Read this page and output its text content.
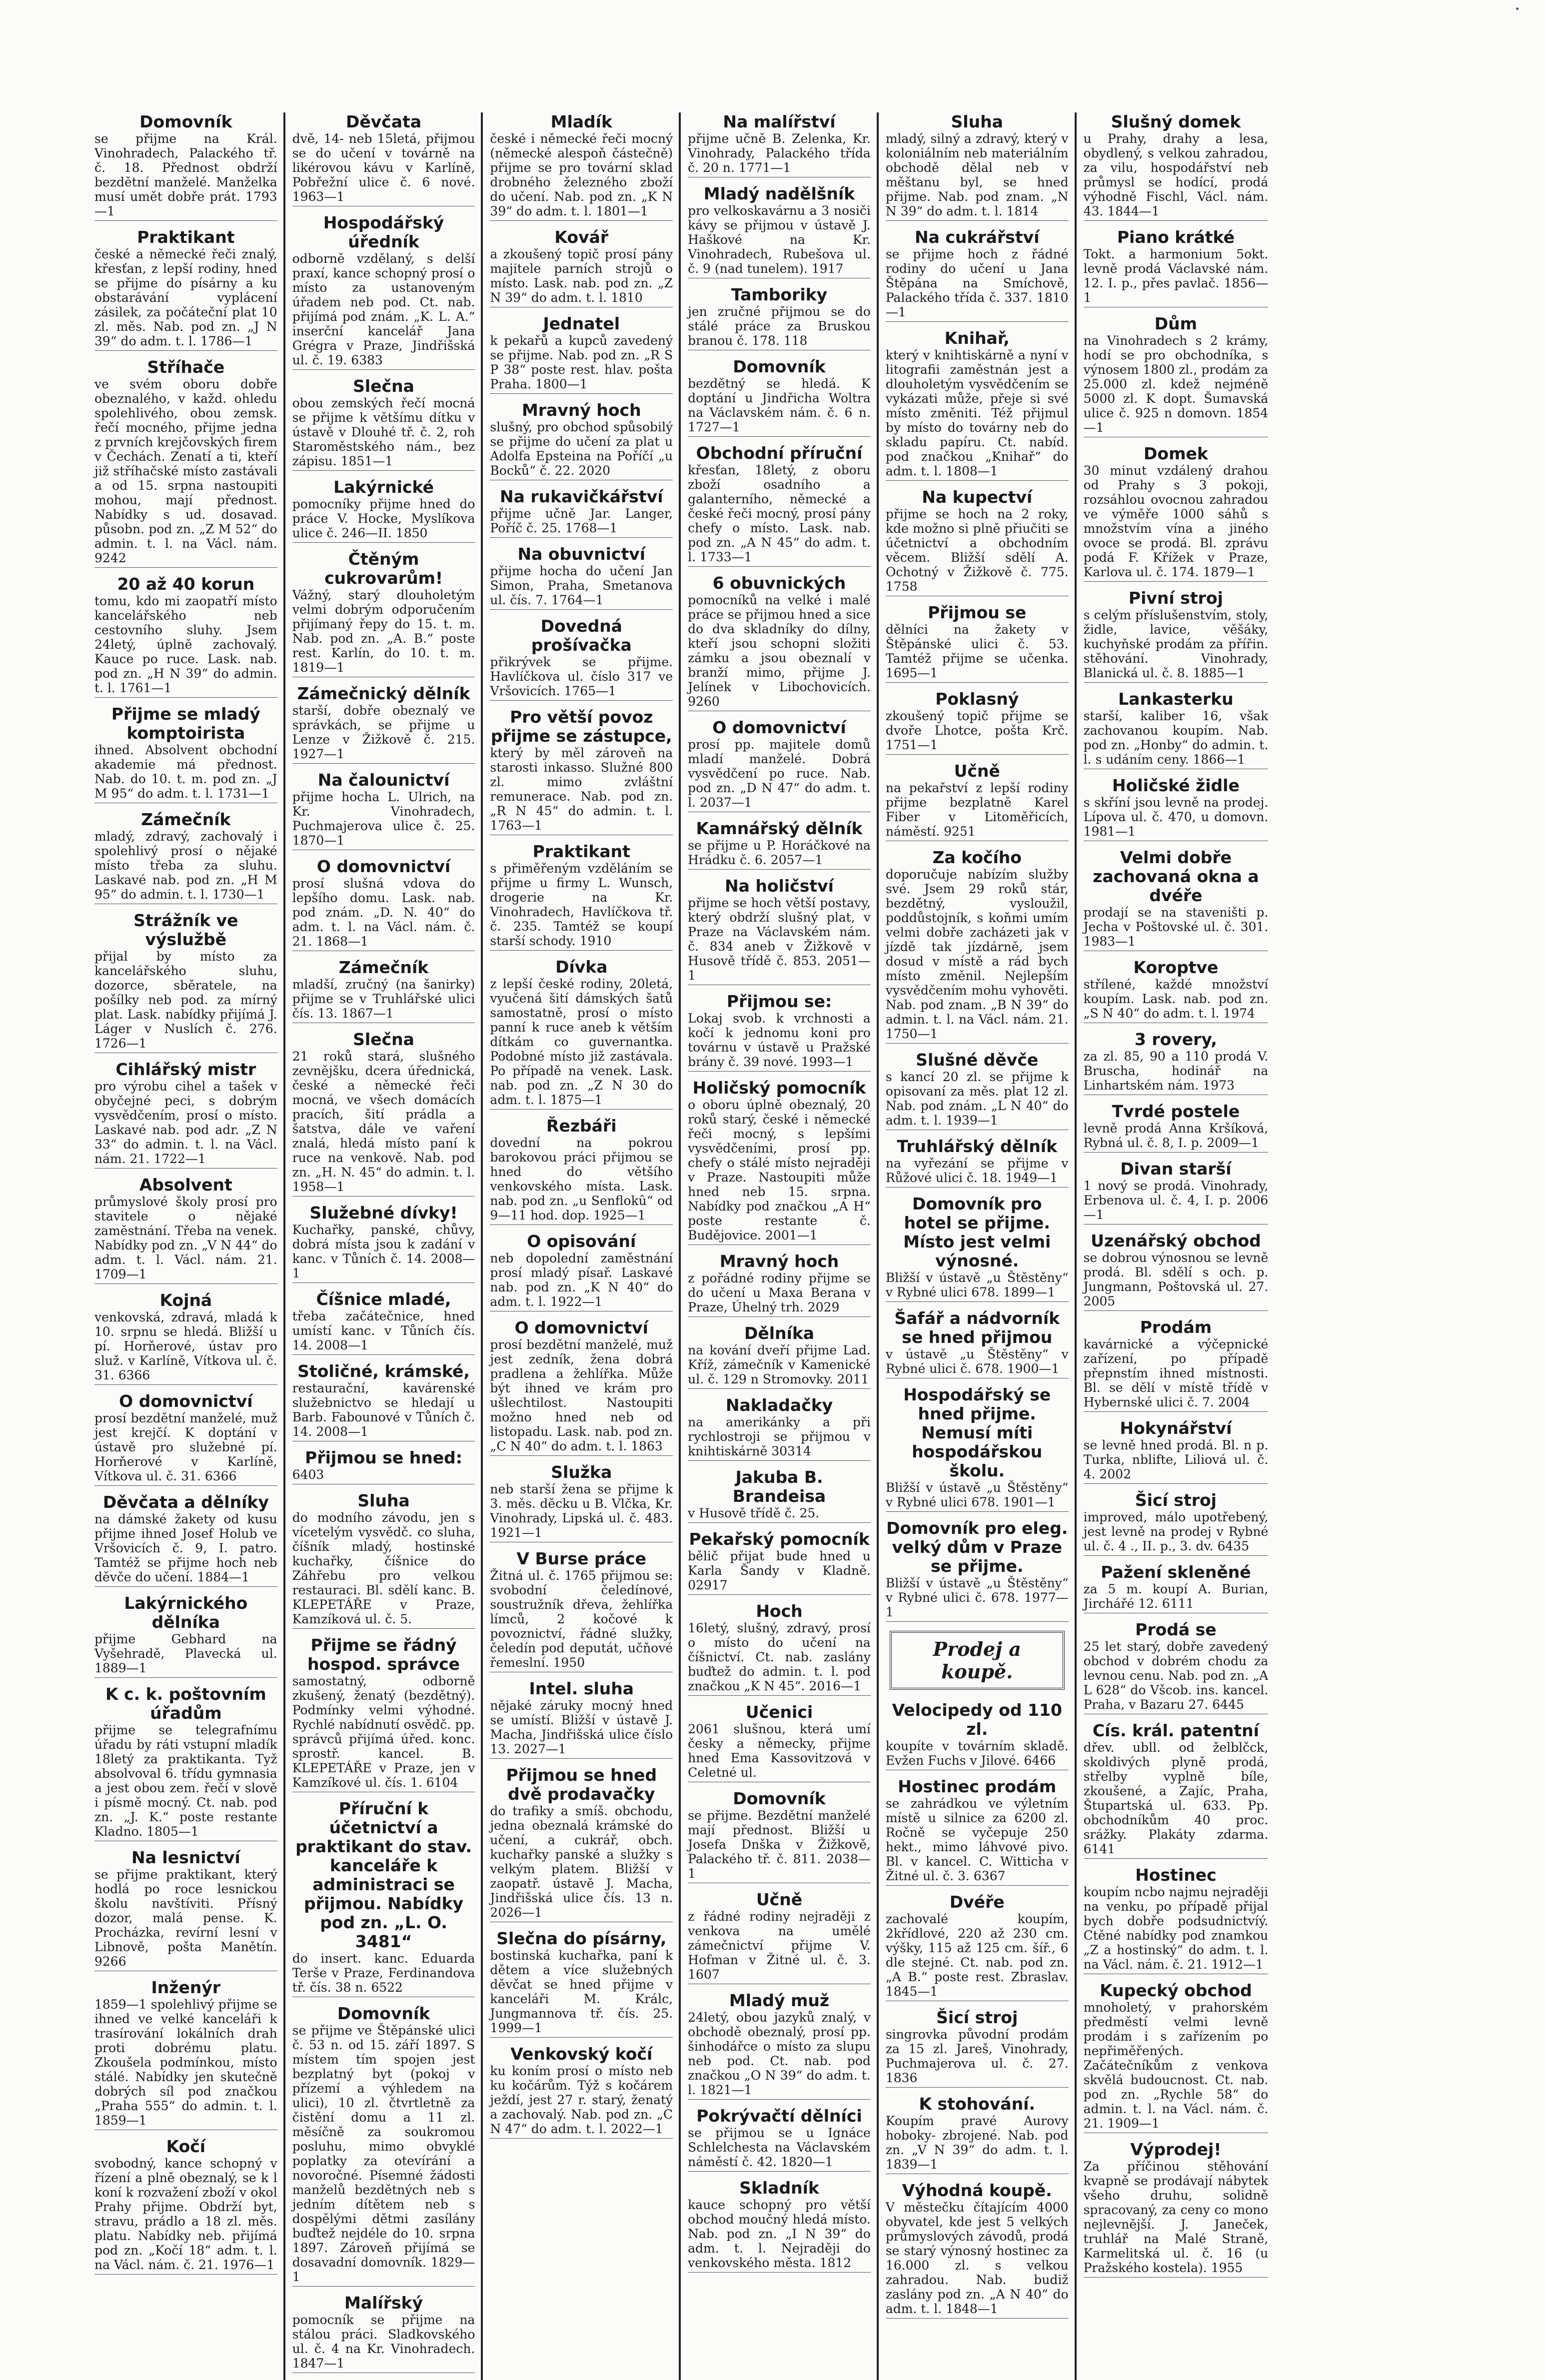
•

Domovník

se přijme na Král. Vinohradech, Palackého tř. č. 18. Přednost obdrží bezdětní manželé. Manželka musí umět dobře prát. 1793—1

Praktikant

české a německé řeči znalý, křesťan, z lepší rodiny, hned se přijme do písárny a ku obstarávání vyplácení zásilek, za počáteční plat 10 zl. měs. Nab. pod zn. „J N 39“ do adm. t. l. 1786—1

Stříhače

ve svém oboru dobře obeznalého, v každ. ohledu spolehlivého, obou zemsk. řečí mocného, přijme jedna z prvních krejčovských firem v Čechách. Zenatí a ti, kteří již stříhačské místo zastávali a od 15. srpna nastoupiti mohou, mají přednost. Nabídky s ud. dosavad. působn. pod zn. „Z M 52“ do admin. t. l. na Václ. nám. 9242

20 až 40 korun

tomu, kdo mi zaopatří místo kancelářského neb cestovního sluhy. Jsem 24letý, úplně zachovalý. Kauce po ruce. Lask. nab. pod zn. „H N 39“ do admin. t. l. 1761—1

Přijme se mladý komptoirista

ihned. Absolvent obchodní akademie má přednost. Nab. do 10. t. m. pod zn. „J M 95“ do adm. t. l. 1731—1

Zámečník

mladý, zdravý, zachovalý i spolehlivý prosí o nějaké místo třeba za sluhu. Laskavé nab. pod zn. „H M 95“ do admin. t. l. 1730—1

Strážník ve výslužbě

přijal by místo za kancelářského sluhu, dozorce, sběratele, na pošílky neb pod. za mírný plat. Lask. nabídky přijímá J. Láger v Nuslích č. 276. 1726—1

Cihlářský mistr

pro výrobu cihel a tašek v obyčejné peci, s dobrým vysvědčením, prosí o místo. Laskavé nab. pod adr. „Z N 33“ do admin. t. l. na Václ. nám. 21. 1722—1

Absolvent

průmyslové školy prosí pro stavitele o nějaké zaměstnání. Třeba na venek. Nabídky pod zn. „V N 44“ do adm. t. l. Václ. nám. 21. 1709—1

Kojná

venkovská, zdravá, mladá k 10. srpnu se hledá. Bližší u pí. Horňerové, ústav pro služ. v Karlíně, Vítkova ul. č. 31. 6366

O domovnictví

prosí bezdětní manželé, muž jest krejčí. K doptání v ústavě pro služebné pí. Horňerové v Karlíně, Vítkova ul. č. 31. 6366

Děvčata a dělníky

na dámské žakety od kusu přijme ihned Josef Holub ve Vršovicích č. 9, I. patro. Tamtéž se přijme hoch neb děvče do učení. 1884—1

Lakýrnického dělníka

přijme Gebhard na Vyšehradě, Plavecká ul. 1889—1

K c. k. poštovním úřadům

přijme se telegrafnímu úřadu by ráti vstupní mladík 18letý za praktikanta. Tyž absolvoval 6. třídu gymnasia a jest obou zem. řečí v slově i písmě mocný. Ct. nab. pod zn. „J. K.“ poste restante Kladno. 1805—1

Na lesnictví

se přijme praktikant, který hodlá po roce lesnickou školu navštíviti. Přísný dozor, malá pense. K. Procházka, revírní lesní v Libnově, pošta Manětín. 9266

Inženýr

1859—1 spolehlivý přijme se ihned ve velké kanceláři k trasírování lokálních drah proti dobrému platu. Zkoušela podmínkou, místo stálé. Nabídky jen skutečně dobrých síl pod značkou „Praha 555“ do admin. t. l. 1859—1

Kočí

svobodný, kance schopný v řízení a plně obeznalý, se k l koní k rozvažení zboží v okol Prahy přijme. Obdrží byt, stravu, prádlo a 18 zl. měs. platu. Nabídky neb. přijímá pod zn. „Kočí 18“ adm. t. l. na Václ. nám. č. 21. 1976—1

Děvčata

dvě, 14- neb 15letá, přijmou se do učení v továrně na likérovou kávu v Karlíně, Pobřežní ulice č. 6 nové. 1963—1

Hospodářský úředník

odborně vzdělaný, s delší praxí, kance schopný prosí o místo za ustanoveným úřadem neb pod. Ct. nab. přijímá pod znám. „K. L. A.“ inserční kancelář Jana Grégra v Praze, Jindřišská ul. č. 19. 6383

Slečna

obou zemských řečí mocná se přijme k většímu dítku v ústavě v Dlouhé tř. č. 2, roh Staroměstského nám., bez zápisu. 1851—1

Lakýrnické

pomocníky přijme hned do práce V. Hocke, Myslíkova ulice č. 246—II. 1850

Čtěným cukrovarům!

Vážný, starý dlouholetým velmi dobrým odporučením přijímaný řepy do 15. t. m. Nab. pod zn. „A. B.“ poste rest. Karlín, do 10. t. m. 1819—1

Zámečnický dělník

starší, dobře obeznalý ve správkách, se přijme u Lenze v Žižkově č. 215. 1927—1

Na čalounictví

přijme hocha L. Ulrich, na Kr. Vinohradech, Puchmajerova ulice č. 25. 1870—1

O domovnictví

prosí slušná vdova do lepšího domu. Lask. nab. pod znám. „D. N. 40“ do adm. t. l. na Václ. nám. č. 21. 1868—1

Zámečník

mladší, zručný (na šanirky) přijme se v Truhlářské ulici čís. 13. 1867—1

Slečna

21 roků stará, slušného zevnějšku, dcera úřednická, české a německé řeči mocná, ve všech domácích pracích, šití prádla a šatstva, dále ve vaření znalá, hledá místo paní k ruce na venkově. Nab. pod zn. „H. N. 45“ do admin. t. l. 1958—1

Služebné dívky!

Kuchařky, panské, chůvy, dobrá místa jsou k zadání v kanc. v Tůních č. 14. 2008—1

Číšnice mladé,

třeba začátečnice, hned umístí kanc. v Tůních čís. 14. 2008—1

Stoličné, krámské,

restaurační, kavárenské služebnictvo se hledají u Barb. Fabounové v Tůních č. 14. 2008—1

Přijmou se hned:

6403

Sluha

do modního závodu, jen s vícetelým vysvědč. co sluha, číšník mladý, hostinské kuchařky, číšnice do Záhřebu pro velkou restauraci. Bl. sdělí kanc. B. KLEPETÁŘE v Praze, Kamzíková ul. č. 5.

Přijme se řádný hospod. správce

samostatný, odborně zkušený, ženatý (bezdětný). Podmínky velmi výhodné. Rychlé nabídnutí osvědč. pp. správců přijímá úřed. konc. sprostř. kancel. B. KLEPETÁŘE v Praze, jen v Kamzíkové ul. čís. 1. 6104

Příruční k účetnictví a praktikant do stav. kanceláře k administraci se přijmou. Nabídky pod zn. „L. O. 3481“

do insert. kanc. Eduarda Terše v Praze, Ferdinandova tř. čís. 38 n. 6522

Domovník

se přijme ve Štěpánské ulici č. 53 n. od 15. září 1897. S místem tím spojen jest bezplatný byt (pokoj v přízemí a výhledem na ulici), 10 zl. čtvrtletně za čistění domu a 11 zl. měsíčně za soukromou posluhu, mimo obvyklé poplatky za otevírání a novoročné. Písemné žádosti manželů bezdětných neb s jedním dítětem neb s dospělými dětmi zasílány buďtež nejdéle do 10. srpna 1897. Zároveň přijímá se dosavadní domovník. 1829—1

Malířský

pomocník se přijme na stálou práci. Sladkovského ul. č. 4 na Kr. Vinohradech. 1847—1

Mladík

české i německé řeči mocný (německé alespoň částečně) přijme se pro tovární sklad drobného železného zboží do učení. Nab. pod zn. „K N 39“ do adm. t. l. 1801—1

Kovář

a zkoušený topič prosí pány majitele parních strojů o místo. Lask. nab. pod zn. „Z N 39“ do adm. t. l. 1810

Jednatel

k pekařů a kupců zavedený se přijme. Nab. pod zn. „R S P 38“ poste rest. hlav. pošta Praha. 1800—1

Mravný hoch

slušný, pro obchod spůsobilý se přijme do učení za plat u Adolfa Epsteina na Poříčí „u Bocků“ č. 22. 2020

Na rukavičkářství

přijme učně Jar. Langer, Poříč č. 25. 1768—1

Na obuvnictví

přijme hocha do učení Jan Simon, Praha, Smetanova ul. čís. 7. 1764—1

Dovedná prošívačka

přikrývek se přijme. Havlíčkova ul. číslo 317 ve Vršovicích. 1765—1

Pro větší povoz přijme se zástupce,

který by měl zároveň na starosti inkasso. Služné 800 zl. mimo zvláštní remunerace. Nab. pod zn. „R N 45“ do admin. t. l. 1763—1

Praktikant

s přiměřeným vzděláním se přijme u firmy L. Wunsch, drogerie na Kr. Vinohradech, Havlíčkova tř. č. 235. Tamtéž se koupí starší schody. 1910

Dívka

z lepší české rodiny, 20letá, vyučená šití dámských šatů samostatně, prosí o místo panní k ruce aneb k větším dítkám co guvernantka. Podobné místo již zastávala. Po případě na venek. Lask. nab. pod zn. „Z N 30 do adm. t. l. 1875—1

Řezbáři

dovední na pokrou barokovou práci přijmou se hned do většího venkovského místa. Lask. nab. pod zn. „u Senflokû“ od 9—11 hod. dop. 1925—1

O opisování

neb dopolední zaměstnání prosí mladý písař. Laskavé nab. pod zn. „K N 40“ do adm. t. l. 1922—1

O domovnictví

prosí bezdětní manželé, muž jest zedník, žena dobrá pradlena a žehlířka. Může být ihned ve krám pro ušlechtilost. Nastoupiti možno hned neb od listopadu. Lask. nab. pod zn. „C N 40“ do adm. t. l. 1863

Služka

neb starší žena se přijme k 3. měs. děcku u B. Vlčka, Kr. Vinohrady, Lipská ul. č. 483. 1921—1

V Burse práce

Žitná ul. č. 1765 přijmou se: svobodní čeledínové, soustružník dřeva, žehlířka límců, 2 kočové k povoznictví, řádné služky, čeledín pod deputát, učňové řemeslní. 1950

Intel. sluha

nějaké záruky mocný hned se umístí. Bližší v ústavě J. Macha, Jindřišská ulice číslo 13. 2027—1

Přijmou se hned dvě prodavačky

do trafiky a smíš. obchodu, jedna obeznalá krámské do učení, a cukrář, obch. kuchařky panské a služky s velkým platem. Bližší v zaopatř. ústavě J. Macha, Jindřišská ulice čís. 13 n. 2026—1

Slečna do písárny,

bostinská kuchařka, paní k dětem a více služebných děvčat se hned přijme v kanceláři M. Králc, Jungmannova tř. čís. 25. 1999—1

Venkovský kočí

ku koním prosí o místo neb ku kočárům. Týž s kočárem ježdí, jest 27 r. starý, ženatý a zachovalý. Nab. pod zn. „C N 47“ do adm. t. l. 2022—1

Na malířství

přijme učně B. Zelenka, Kr. Vinohrady, Palackého třída č. 20 n. 1771—1

Mladý nadělšník

pro velkoskavárnu a 3 nosiči kávy se přijmou v ústavě J. Haškové na Kr. Vinohradech, Rubešova ul. č. 9 (nad tunelem). 1917

Tamboriky

jen zručné přijmou se do stálé práce za Bruskou branou č. 178. 118

Domovník

bezdětný se hledá. K doptání u Jindřicha Woltra na Václavském nám. č. 6 n. 1727—1

Obchodní příruční

křesťan, 18letý, z oboru zboží osadního a galanterního, německé a české řeči mocný, prosí pány chefy o místo. Lask. nab. pod zn. „A N 45“ do adm. t. l. 1733—1

6 obuvnických

pomocníků na velké i malé práce se přijmou hned a sice do dva skladníky do dílny, kteří jsou schopni složiti zámku a jsou obeznalí v branží mimo, přijme J. Jelínek v Libochovicích. 9260

O domovnictví

prosí pp. majitele domů mladí manželé. Dobrá vysvědčení po ruce. Nab. pod zn. „D N 47“ do adm. t. l. 2037—1

Kamnářský dělník

se přijme u P. Horáčkové na Hrádku č. 6. 2057—1

Na holičství

přijme se hoch větší postavy, který obdrží slušný plat, v Praze na Václavském nám. č. 834 aneb v Žižkově v Husově třídě č. 853. 2051—1

Přijmou se:

Lokaj svob. k vrchnosti a kočí k jednomu koni pro továrnu v ústavě u Pražské brány č. 39 nové. 1993—1

Holičský pomocník

o oboru úplně obeznalý, 20 roků starý, české i německé řeči mocný, s lepšími vysvědčeními, prosí pp. chefy o stálé místo nejraději v Praze. Nastoupiti může hned neb 15. srpna. Nabídky pod značkou „A H“ poste restante č. Budějovice. 2001—1

Mravný hoch

z pořádné rodiny přijme se do učení u Maxa Berana v Praze, Úhelný trh. 2029

Dělníka

na kování dveří přijme Lad. Kříž, zámečník v Kamenické ul. č. 129 n Stromovky. 2011

Nakladačky

na amerikánky a při rychlostroji se přijmou v knihtiskárně 30314

Jakuba B. Brandeisa

v Husově třídě č. 25.

Pekařský pomocník

bělič přijat bude hned u Karla Šandy v Kladně. 02917

Hoch

16letý, slušný, zdravý, prosí o místo do učení na číšnictví. Ct. nab. zaslány buďtež do admin. t. l. pod značkou „K N 45“. 2016—1

Učenici

2061 slušnou, která umí česky a německy, přijme hned Ema Kassovitzová v Celetné ul.

Domovník

se přijme. Bezdětní manželé mají přednost. Bližší u Josefa Dnška v Žižkově, Palackého tř. č. 811. 2038—1

Učně

z řádné rodiny nejraději z venkova na umělé zámečnictví přijme V. Hofman v Žitné ul. č. 3. 1607

Mladý muž

24letý, obou jazyků znalý, v obchodě obeznalý, prosí pp. šinhodářce o místo za slupu neb pod. Ct. nab. pod značkou „O N 39“ do adm. t. l. 1821—1

Pokrývačtí dělníci

se přijmou se u Ignáce Schlelchesta na Václavském náměstí č. 42. 1820—1

Skladník

kauce schopný pro větší obchod moučný hledá místo. Nab. pod zn. „I N 39“ do adm. t. l. Nejraději do venkovského města. 1812

Sluha

mladý, silný a zdravý, který v koloniálním neb materiálním obchodě dělal neb v měštanu byl, se hned přijme. Nab. pod znam. „N N 39“ do adm. t. l. 1814

Na cukrářství

se přijme hoch z řádné rodiny do učení u Jana Štěpána na Smíchově, Palackého třída č. 337. 1810—1

Knihař,

který v knihtiskárně a nyní v litografii zaměstnán jest a dlouholetým vysvědčením se vykázati může, přeje si své místo změniti. Též přijmul by místo do továrny neb do skladu papíru. Ct. nabíd. pod značkou „Knihař“ do adm. t. l. 1808—1

Na kupectví

přijme se hoch na 2 roky, kde možno si plně přiučiti se účetnictví a obchodním věcem. Bližší sdělí A. Ochotný v Žižkově č. 775. 1758

Přijmou se

dělníci na žakety v Štěpánské ulici č. 53. Tamtéž přijme se učenka. 1695—1

Poklasný

zkoušený topič přijme se dvoře Lhotce, pošta Krč. 1751—1

Učně

na pekařství z lepší rodiny přijme bezplatně Karel Fiber v Litoměřicích, náměstí. 9251

Za kočího

doporučuje nabízím služby své. Jsem 29 roků stár, bezdětný, vysloužil, poddůstojník, s koňmi umím velmi dobře zacházeti jak v jízdě tak jízdárně, jsem dosud v místě a rád bych místo změnil. Nejlepším vysvědčením mohu vyhověti. Nab. pod znam. „B N 39“ do admin. t. l. na Václ. nám. 21. 1750—1

Slušné děvče

s kancí 20 zl. se přijme k opisovaní za měs. plat 12 zl. Nab. pod znám. „L N 40“ do adm. t. l. 1939—1

Truhlářský dělník

na vyřezání se přijme v Růžové ulici č. 18. 1949—1

Domovník pro hotel se přijme. Místo jest velmi výnosné.

Bližší v ústavě „u Štěstěny“ v Rybné ulici 678. 1899—1

Šafář a nádvorník se hned přijmou

v ústavě „u Štěstěny“ v Rybné ulici č. 678. 1900—1

Hospodářský se hned přijme. Nemusí míti hospodářskou školu.

Bližší v ústavě „u Štěstěny“ v Rybné ulici 678. 1901—1

Domovník pro eleg. velký dům v Praze se přijme.

Bližší v ústavě „u Štěstěny“ v Rybné ulici č. 678. 1977—1

Prodej a koupě.

Velocipedy od 110 zl.

koupíte v továrním skladě. Evžen Fuchs v Jilové. 6466

Hostinec prodám

se zahrádkou ve výletním místě u silnice za 6200 zl. Ročně se vyčepuje 250 hekt., mimo láhvové pivo. Bl. v kancel. C. Wittichа v Žitné ul. č. 3. 6367

Dvéře

zachovalé koupím, 2křídlové, 220 až 230 cm. výšky, 115 až 125 cm. šíř., 6 dle stejné. Ct. nab. pod zn. „A B.“ poste rest. Zbraslav. 1845—1

Šicí stroj

singrovka původní prodám za 15 zl. Jareš, Vinohrady, Puchmajerova ul. č. 27. 1836

K stohování.

Koupím pravé Aurovy hoboky- zbrojené. Nab. pod zn. „V N 39“ do adm. t. l. 1839—1

Výhodná koupě.

V městečku čítajícím 4000 obyvatel, kde jest 5 velkých průmyslových závodů, prodá se starý výnosný hostinec za 16.000 zl. s velkou zahradou. Nab. budiž zaslány pod zn. „A N 40“ do adm. t. l. 1848—1

Slušný domek

u Prahy, drahy a lesa, obydlený, s velkou zahradou, za vilu, hospodářství neb průmysl se hodící, prodá výhodně Fischl, Václ. nám. 43. 1844—1

Piano krátké

Tokt. a harmonium 5okt. levně prodá Václavské nám. 12. I. p., přes pavlač. 1856—1

Dům

na Vinohradech s 2 krámy, hodí se pro obchodníka, s výnosem 1800 zl., prodám za 25.000 zl. kdež nejméně 5000 zl. K dopt. Šumavská ulice č. 925 n domovn. 1854—1

Domek

30 minut vzdálený drahou od Prahy s 3 pokoji, rozsáhlou ovocnou zahradou ve výměře 1000 sáhů s množstvím vína a jiného ovoce se prodá. Bl. zprávu podá F. Křížek v Praze, Karlova ul. č. 174. 1879—1

Pivní stroj

s celým příslušenstvím, stoly, židle, lavice, věšáky, kuchyňské prodám za přířin. stěhování. Vinohrady, Blanická ul. č. 8. 1885—1

Lankasterku

starší, kaliber 16, však zachovanou koupím. Nab. pod zn. „Honby“ do admin. t. l. s udáním ceny. 1866—1

Holičské židle

s skříní jsou levně na prodej. Lípova ul. č. 470, u domovn. 1981—1

Velmi dobře zachovaná okna a dvéře

prodají se na staveništi p. Jecha v Poštovské ul. č. 301. 1983—1

Koroptve

střílené, každé množství koupím. Lask. nab. pod zn. „S N 40“ do adm. t. l. 1974

3 rovery,

za zl. 85, 90 a 110 prodá V. Bruscha, hodinář na Linhartském nám. 1973

Tvrdé postele

levně prodá Anna Kršíková, Rybná ul. č. 8, I. p. 2009—1

Divan starší

1 nový se prodá. Vinohrady, Erbenova ul. č. 4, I. p. 2006—1

Uzenářský obchod

se dobrou výnosnou se levně prodá. Bl. sdělí s och. p. Jungmann, Poštovská ul. 27. 2005

Prodám

kavárnické a výčepnické zařízení, po případě přepnstím ihned místnosti. Bl. se dělí v místě třídě v Hybernské ulici č. 7. 2004

Hokynářství

se levně hned prodá. Bl. n p. Turka, nblifte, Liliová ul. č. 4. 2002

Šicí stroj

improved, málo upotřebený, jest levně na prodej v Rybné ul. č. 4 ., II. p., 3. dv. 6435

Pažení skleněné

za 5 m. koupí A. Burian, Jirchářé 12. 6111

Prodá se

25 let starý, dobře zavedený obchod v dobrém chodu za levnou cenu. Nab. pod zn. „A L 628“ do Všcob. ins. kancel. Praha, v Bazaru 27. 6445

Cís. král. patentní

dřev. ubll. od želblčck, skoldivých plyně prodá, střelby vyplně bíle, zkoušené, a Zajíc, Praha, Štupartská ul. 633. Pp. obchodníkům 40 proc. srážky. Plakáty zdarma. 6141

Hostinec

koupím ncbo najmu nejraději na venku, po případě přijal bych dobře podsudnictvíý. Ctěné nabídky pod znamkou „Z a hostinský“ do adm. t. l. na Václ. nám. č. 21. 1912—1

Kupecký obchod

mnoholetý, v prahorském předměstí velmi levně prodám i s zařízením po nepřiměřených. Začátečníkům z venkova skvělá budoucnost. Ct. nab. pod zn. „Rychle 58“ do admin. t. l. na Václ. nám. č. 21. 1909—1

Výprodej!

Za příčinou stěhování kvapně se prodávají nábytek všeho druhu, solidně spracovaný, za ceny co mono nejlevnější. J. Janeček, truhlář na Malé Straně, Karmelitská ul. č. 16 (u Pražského kostela). 1955
